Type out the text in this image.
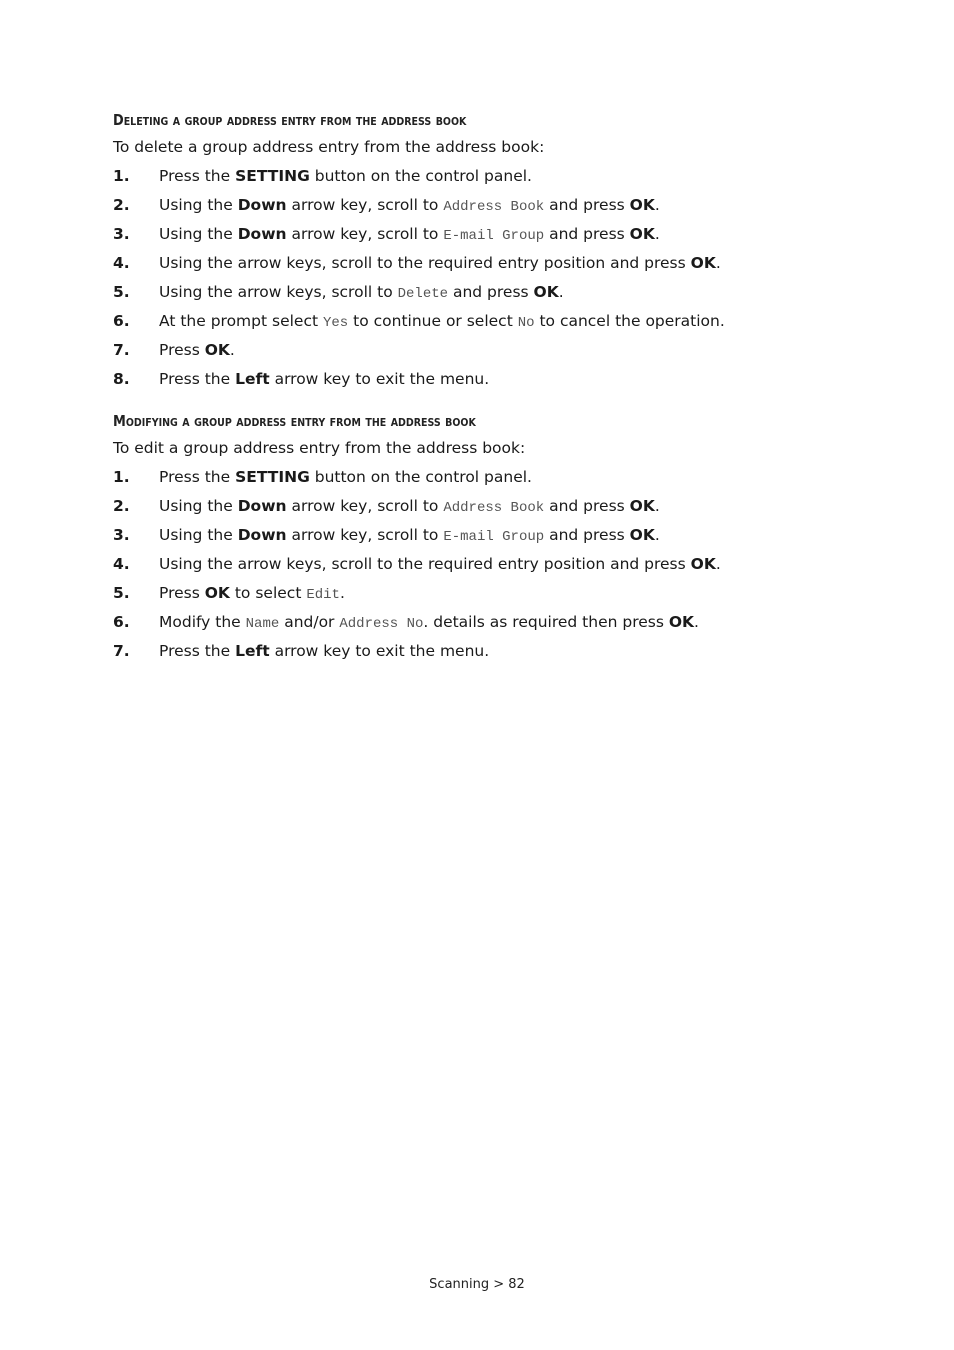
Deleting a group address entry from the address book
To delete a group address entry from the address book:
1.	Press the SETTING button on the control panel.
2.	Using the Down arrow key, scroll to Address Book and press OK.
3.	Using the Down arrow key, scroll to E-mail Group and press OK.
4.	Using the arrow keys, scroll to the required entry position and press OK.
5.	Using the arrow keys, scroll to Delete and press OK.
6.	At the prompt select Yes to continue or select No to cancel the operation.
7.	Press OK.
8.	Press the Left arrow key to exit the menu.
Modifying a group address entry from the address book
To edit a group address entry from the address book:
1.	Press the SETTING button on the control panel.
2.	Using the Down arrow key, scroll to Address Book and press OK.
3.	Using the Down arrow key, scroll to E-mail Group and press OK.
4.	Using the arrow keys, scroll to the required entry position and press OK.
5.	Press OK to select Edit.
6.	Modify the Name and/or Address No. details as required then press OK.
7.	Press the Left arrow key to exit the menu.
Scanning > 82
